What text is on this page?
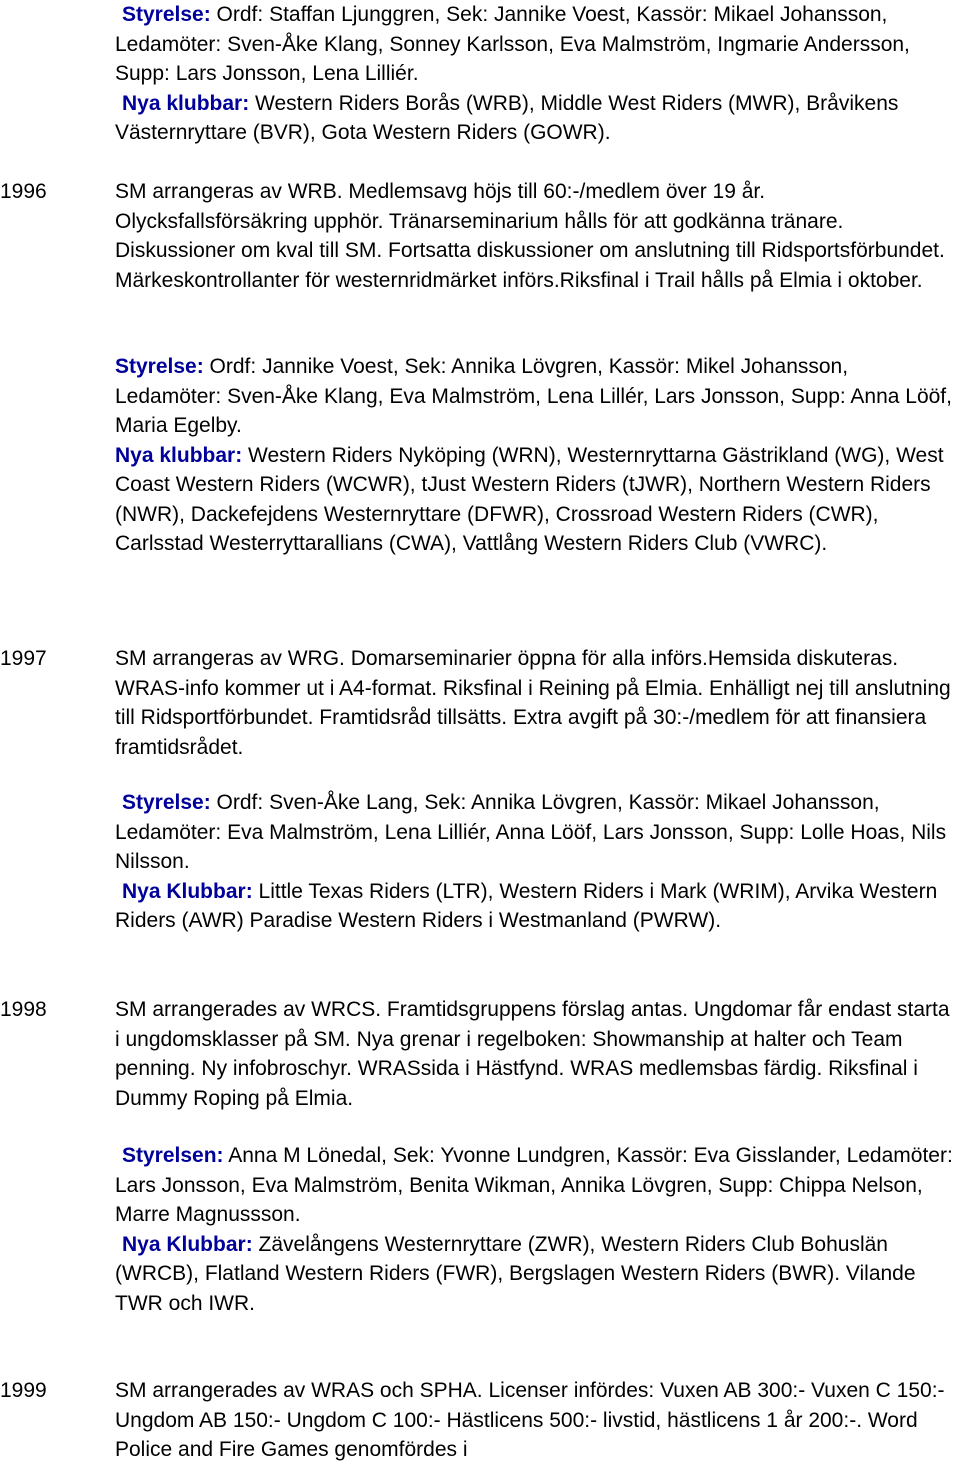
Styrelse: Ordf: Staffan Ljunggren, Sek: Jannike Voest, Kassör: Mikael Johansson, Ledamöter: Sven-Åke Klang, Sonney Karlsson, Eva Malmström, Ingmarie Andersson, Supp: Lars Jonsson, Lena Lilliér.
Nya klubbar: Western Riders Borås (WRB), Middle West Riders (MWR), Bråvikens Västernryttare (BVR), Gota Western Riders (GOWR).

1996	SM arrangeras av WRB. Medlemsavg höjs till 60:-/medlem över 19 år. Olycksfallsförsäkring upphör. Tränarseminarium hålls för att godkänna tränare. Diskussioner om kval till SM. Fortsatta diskussioner om anslutning till Ridsportsförbundet. Märkeskontrollanter för westernridmärket införs.Riksfinal i Trail hålls på Elmia i oktober.

Styrelse: Ordf: Jannike Voest, Sek: Annika Lövgren, Kassör: Mikel Johansson, Ledamöter: Sven-Åke Klang, Eva Malmström, Lena Lillér, Lars Jonsson, Supp: Anna Lööf, Maria Egelby.
Nya klubbar: Western Riders Nyköping (WRN), Westernryttarna Gästrikland (WG), West Coast Western Riders (WCWR), tJust Western Riders (tJWR), Northern Western Riders (NWR), Dackefejdens Westernryttare (DFWR), Crossroad Western Riders (CWR), Carlsstad Westerryttarallians (CWA), Vattlång Western Riders Club (VWRC).

1997	SM arrangeras av WRG. Domarseminarier öppna för alla införs.Hemsida diskuteras. WRAS-info kommer ut i A4-format. Riksfinal i Reining på Elmia. Enhälligt nej till anslutning till Ridsportförbundet. Framtidsråd tillsätts. Extra avgift på 30:-/medlem för att finansiera framtidsrådet.

Styrelse: Ordf: Sven-Åke Lang, Sek: Annika Lövgren, Kassör: Mikael Johansson, Ledamöter: Eva Malmström, Lena Lilliér, Anna Lööf, Lars Jonsson, Supp: Lolle Hoas, Nils Nilsson.
Nya Klubbar: Little Texas Riders (LTR), Western Riders i Mark (WRIM), Arvika Western Riders (AWR) Paradise Western Riders i Westmanland (PWRW).

1998	SM arrangerades av WRCS. Framtidsgruppens förslag antas. Ungdomar får endast starta i ungdomsklasser på SM. Nya grenar i regelboken: Showmanship at halter och Team penning. Ny infobroschyr. WRASsida i Hästfynd. WRAS medlemsbas färdig. Riksfinal i Dummy Roping på Elmia.

Styrelsen: Anna M Lönedal, Sek: Yvonne Lundgren, Kassör: Eva Gisslander, Ledamöter: Lars Jonsson, Eva Malmström, Benita Wikman, Annika Lövgren, Supp: Chippa Nelson, Marre Magnussson.
Nya Klubbar: Zävelångens Westernryttare (ZWR), Western Riders Club Bohuslän (WRCB), Flatland Western Riders (FWR), Bergslagen Western Riders (BWR). Vilande TWR och IWR.

1999	SM arrangerades av WRAS och SPHA. Licenser infördes: Vuxen AB 300:- Vuxen C 150:- Ungdom AB 150:- Ungdom C 100:- Hästlicens 500:- livstid, hästlicens 1 år 200:-. Word Police and Fire Games genomfördes i
